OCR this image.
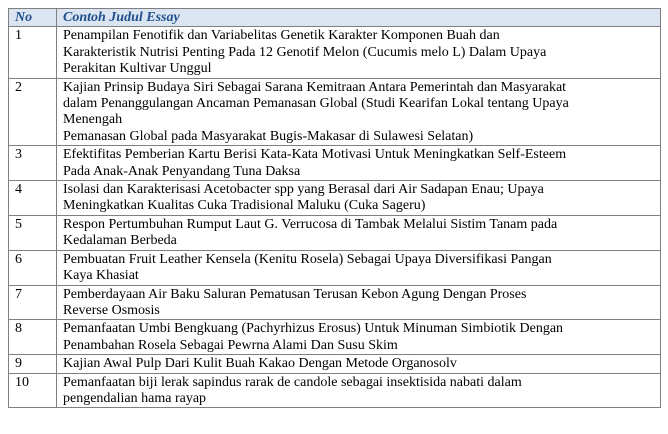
No	Contoh Judul Essay
1	Penampilan Fenotifik dan Variabelitas Genetik Karakter Komponen Buah dan
Karakteristik Nutrisi Penting Pada 12 Genotif Melon (Cucumis melo L) Dalam Upaya
Perakitan Kultivar Unggul

2	Kajian Prinsip Budaya Siri Sebagai Sarana Kemitraan Antara Pemerintah dan Masyarakat
dalam Penanggulangan Ancaman Pemanasan Global (Studi Kearifan Lokal tentang Upaya
Menengah
Pemanasan Global pada Masyarakat Bugis-Makasar di Sulawesi Selatan)

3	Efektifitas Pemberian Kartu Berisi Kata-Kata Motivasi Untuk Meningkatkan Self-Esteem
Pada Anak-Anak Penyandang Tuna Daksa

4	Isolasi dan Karakterisasi Acetobacter spp yang Berasal dari Air Sadapan Enau; Upaya
Meningkatkan Kualitas Cuka Tradisional Maluku (Cuka Sageru)

5	Respon Pertumbuhan Rumput Laut G. Verrucosa di Tambak Melalui Sistim Tanam pada
Kedalaman Berbeda

6	Pembuatan Fruit Leather Kensela (Kenitu Rosela) Sebagai Upaya Diversifikasi Pangan
Kaya Khasiat

7	Pemberdayaan Air Baku Saluran Pematusan Terusan Kebon Agung Dengan Proses
Reverse Osmosis

8	Pemanfaatan Umbi Bengkuang (Pachyrhizus Erosus) Untuk Minuman Simbiotik Dengan
Penambahan Rosela Sebagai Pewrna Alami Dan Susu Skim

9	Kajian Awal Pulp Dari Kulit Buah Kakao Dengan Metode Organosolv

10	Pemanfaatan biji lerak sapindus rarak de candole sebagai insektisida nabati dalam
pengendalian hama rayap
